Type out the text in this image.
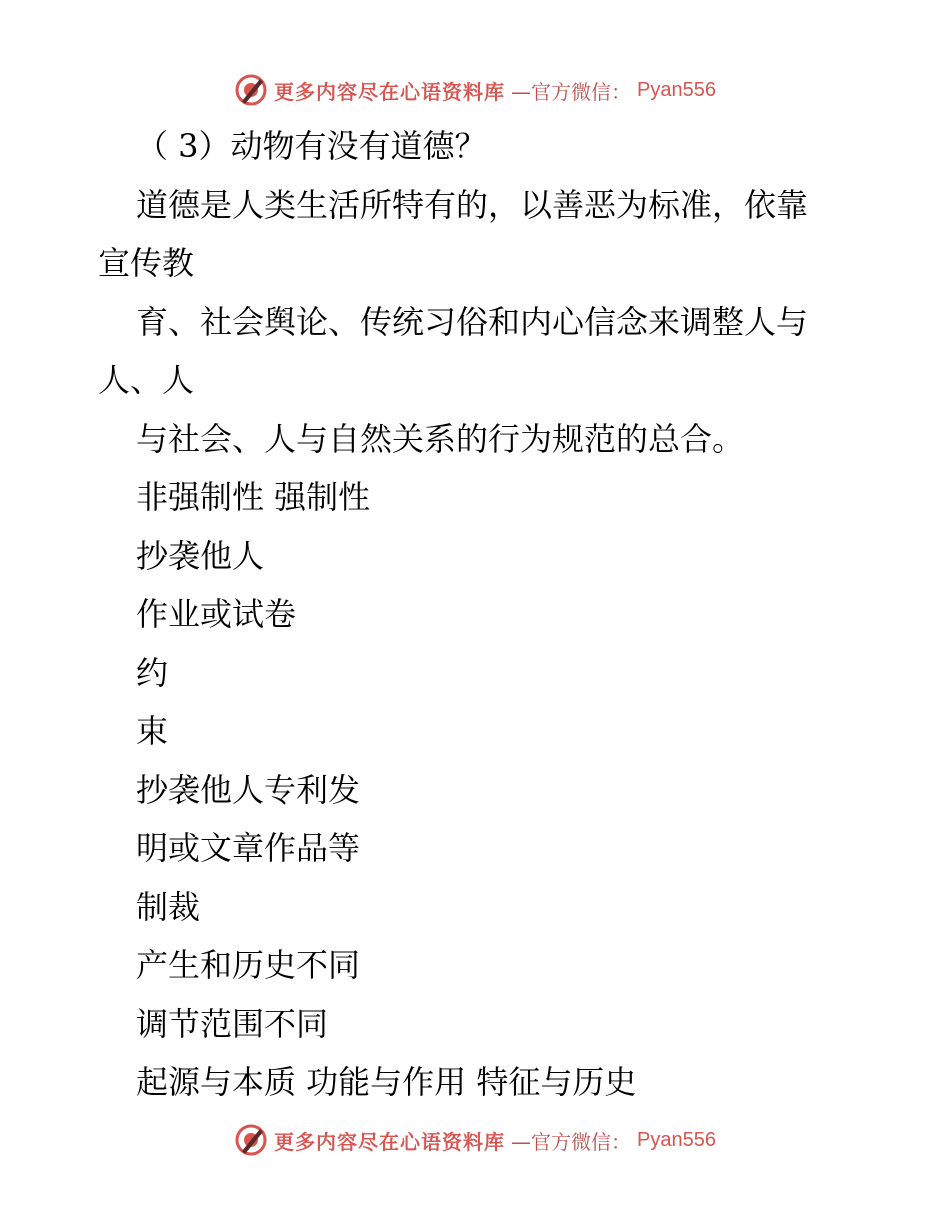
更多内容尽在心语资料库 —官方微信： Pyan556
（ 3）动物有没有道德？
道德是人类生活所特有的，以善恶为标准，依靠
宣传教
育、社会舆论、传统习俗和内心信念来调整人与
人、人
与社会、人与自然关系的行为规范的总合。
非强制性 强制性
抄袭他人
作业或试卷
约
束
抄袭他人专利发
明或文章作品等
制裁
产生和历史不同
调节范围不同
起源与本质 功能与作用 特征与历史
更多内容尽在心语资料库 —官方微信： Pyan556
